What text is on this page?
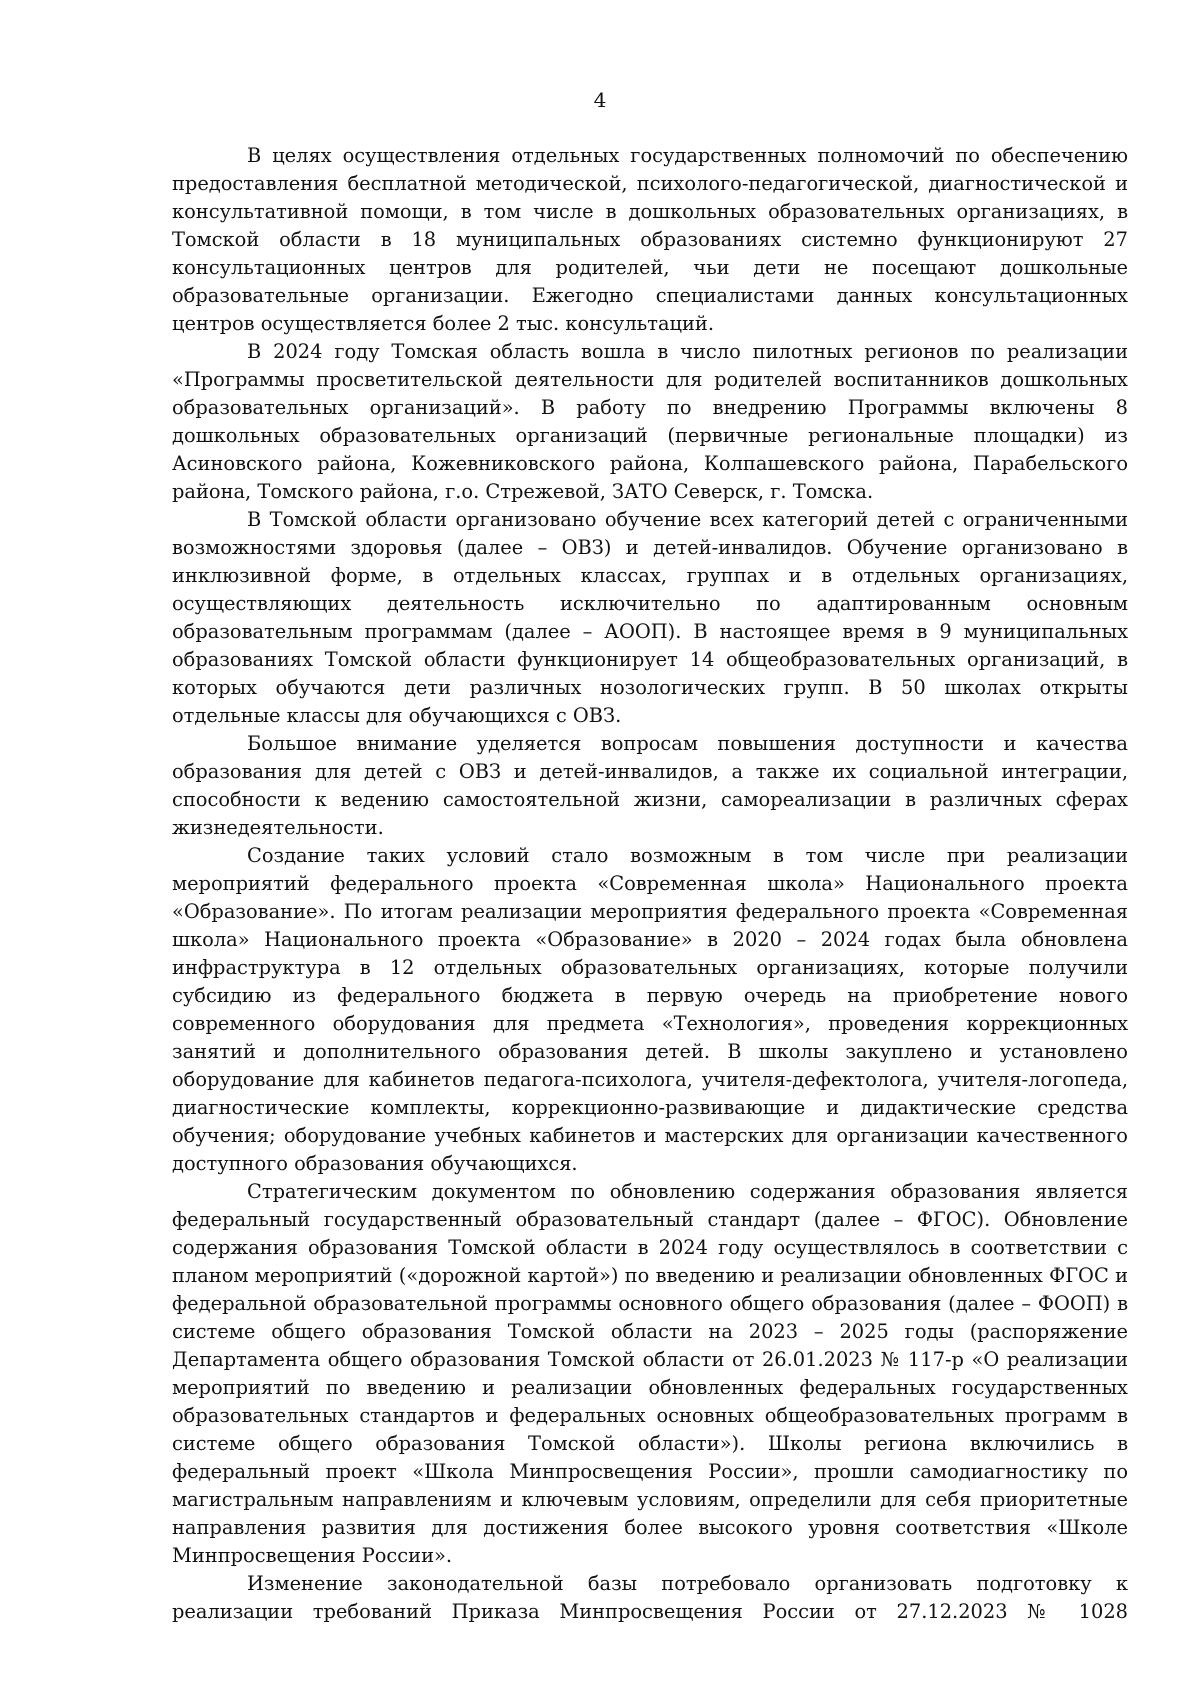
4

В целях осуществления отдельных государственных полномочий по обеспечению предоставления бесплатной методической, психолого-педагогической, диагностической и консультативной помощи, в том числе в дошкольных образовательных организациях, в Томской области в 18 муниципальных образованиях системно функционируют 27 консультационных центров для родителей, чьи дети не посещают дошкольные образовательные организации. Ежегодно специалистами данных консультационных центров осуществляется более 2 тыс. консультаций.

В 2024 году Томская область вошла в число пилотных регионов по реализации «Программы просветительской деятельности для родителей воспитанников дошкольных образовательных организаций». В работу по внедрению Программы включены 8 дошкольных образовательных организаций (первичные региональные площадки) из Асиновского района, Кожевниковского района, Колпашевского района, Парабельского района, Томского района, г.о. Стрежевой, ЗАТО Северск, г. Томска.

В Томской области организовано обучение всех категорий детей с ограниченными возможностями здоровья (далее – ОВЗ) и детей-инвалидов. Обучение организовано в инклюзивной форме, в отдельных классах, группах и в отдельных организациях, осуществляющих деятельность исключительно по адаптированным основным образовательным программам (далее – АООП). В настоящее время в 9 муниципальных образованиях Томской области функционирует 14 общеобразовательных организаций, в которых обучаются дети различных нозологических групп. В 50 школах открыты отдельные классы для обучающихся с ОВЗ.

Большое внимание уделяется вопросам повышения доступности и качества образования для детей с ОВЗ и детей-инвалидов, а также их социальной интеграции, способности к ведению самостоятельной жизни, самореализации в различных сферах жизнедеятельности.

Создание таких условий стало возможным в том числе при реализации мероприятий федерального проекта «Современная школа» Национального проекта «Образование». По итогам реализации мероприятия федерального проекта «Современная школа» Национального проекта «Образование» в 2020 – 2024 годах была обновлена инфраструктура в 12 отдельных образовательных организациях, которые получили субсидию из федерального бюджета в первую очередь на приобретение нового современного оборудования для предмета «Технология», проведения коррекционных занятий и дополнительного образования детей. В школы закуплено и установлено оборудование для кабинетов педагога-психолога, учителя-дефектолога, учителя-логопеда, диагностические комплекты, коррекционно-развивающие и дидактические средства обучения; оборудование учебных кабинетов и мастерских для организации качественного доступного образования обучающихся.

Стратегическим документом по обновлению содержания образования является федеральный государственный образовательный стандарт (далее – ФГОС). Обновление содержания образования Томской области в 2024 году осуществлялось в соответствии с планом мероприятий («дорожной картой») по введению и реализации обновленных ФГОС и федеральной образовательной программы основного общего образования (далее – ФООП) в системе общего образования Томской области на 2023 – 2025 годы (распоряжение Департамента общего образования Томской области от 26.01.2023 № 117-р «О реализации мероприятий по введению и реализации обновленных федеральных государственных образовательных стандартов и федеральных основных общеобразовательных программ в системе общего образования Томской области»). Школы региона включились в федеральный проект «Школа Минпросвещения России», прошли самодиагностику по магистральным направлениям и ключевым условиям, определили для себя приоритетные направления развития для достижения более высокого уровня соответствия «Школе Минпросвещения России».

Изменение законодательной базы потребовало организовать подготовку к реализации требований Приказа Минпросвещения России от 27.12.2023 № 1028
